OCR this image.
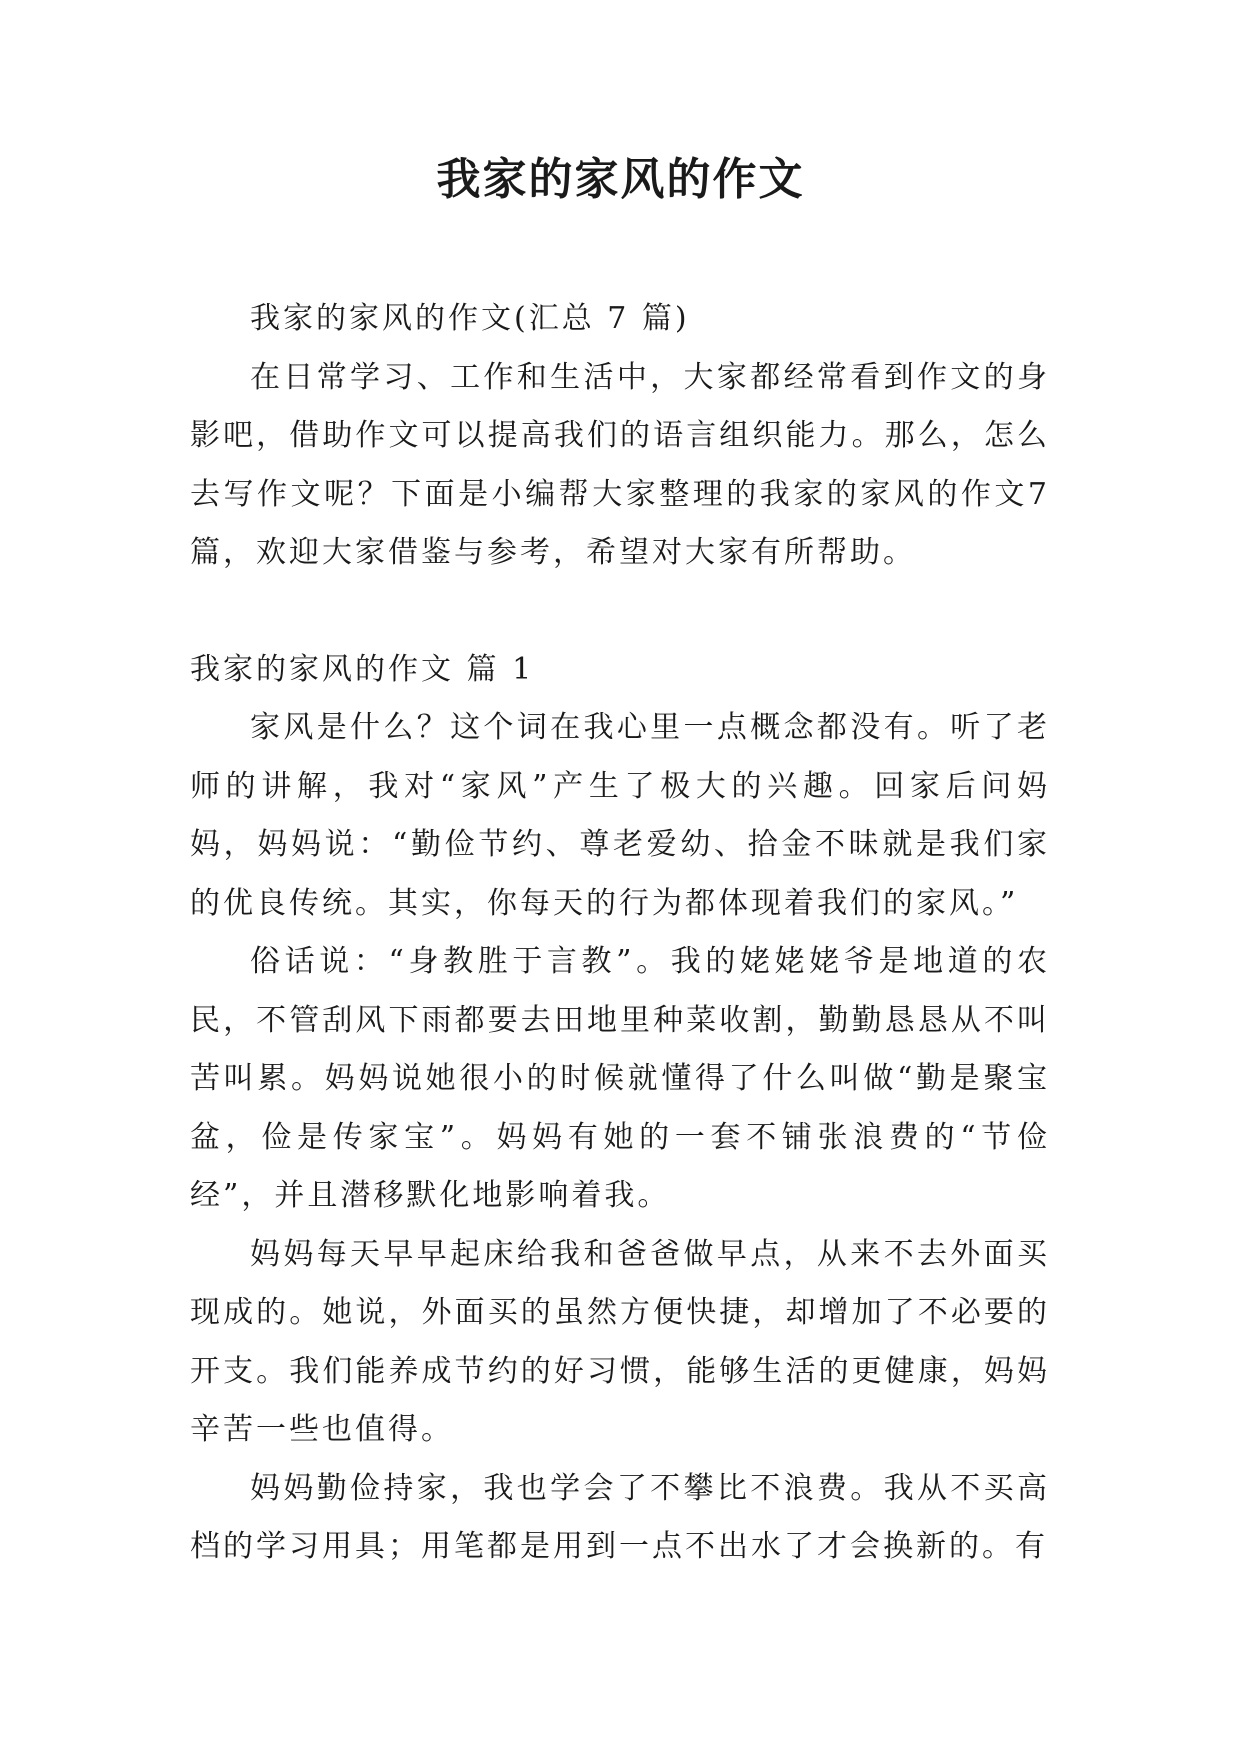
我家的家风的作文

我家的家风的作文(汇总 7 篇)

在日常学习、工作和生活中，大家都经常看到作文的身影吧，借助作文可以提高我们的语言组织能力。那么，怎么去写作文呢？下面是小编帮大家整理的我家的家风的作文7篇，欢迎大家借鉴与参考，希望对大家有所帮助。

我家的家风的作文 篇 1

家风是什么？这个词在我心里一点概念都没有。听了老师的讲解，我对“家风”产生了极大的兴趣。回家后问妈妈，妈妈说：“勤俭节约、尊老爱幼、拾金不昧就是我们家的优良传统。其实，你每天的行为都体现着我们的家风。”

俗话说：“身教胜于言教”。我的姥姥姥爷是地道的农民，不管刮风下雨都要去田地里种菜收割，勤勤恳恳从不叫苦叫累。妈妈说她很小的时候就懂得了什么叫做“勤是聚宝盆，俭是传家宝”。妈妈有她的一套不铺张浪费的“节俭经”，并且潜移默化地影响着我。

妈妈每天早早起床给我和爸爸做早点，从来不去外面买现成的。她说，外面买的虽然方便快捷，却增加了不必要的开支。我们能养成节约的好习惯，能够生活的更健康，妈妈辛苦一些也值得。

妈妈勤俭持家，我也学会了不攀比不浪费。我从不买高档的学习用具；用笔都是用到一点不出水了才会换新的。有
